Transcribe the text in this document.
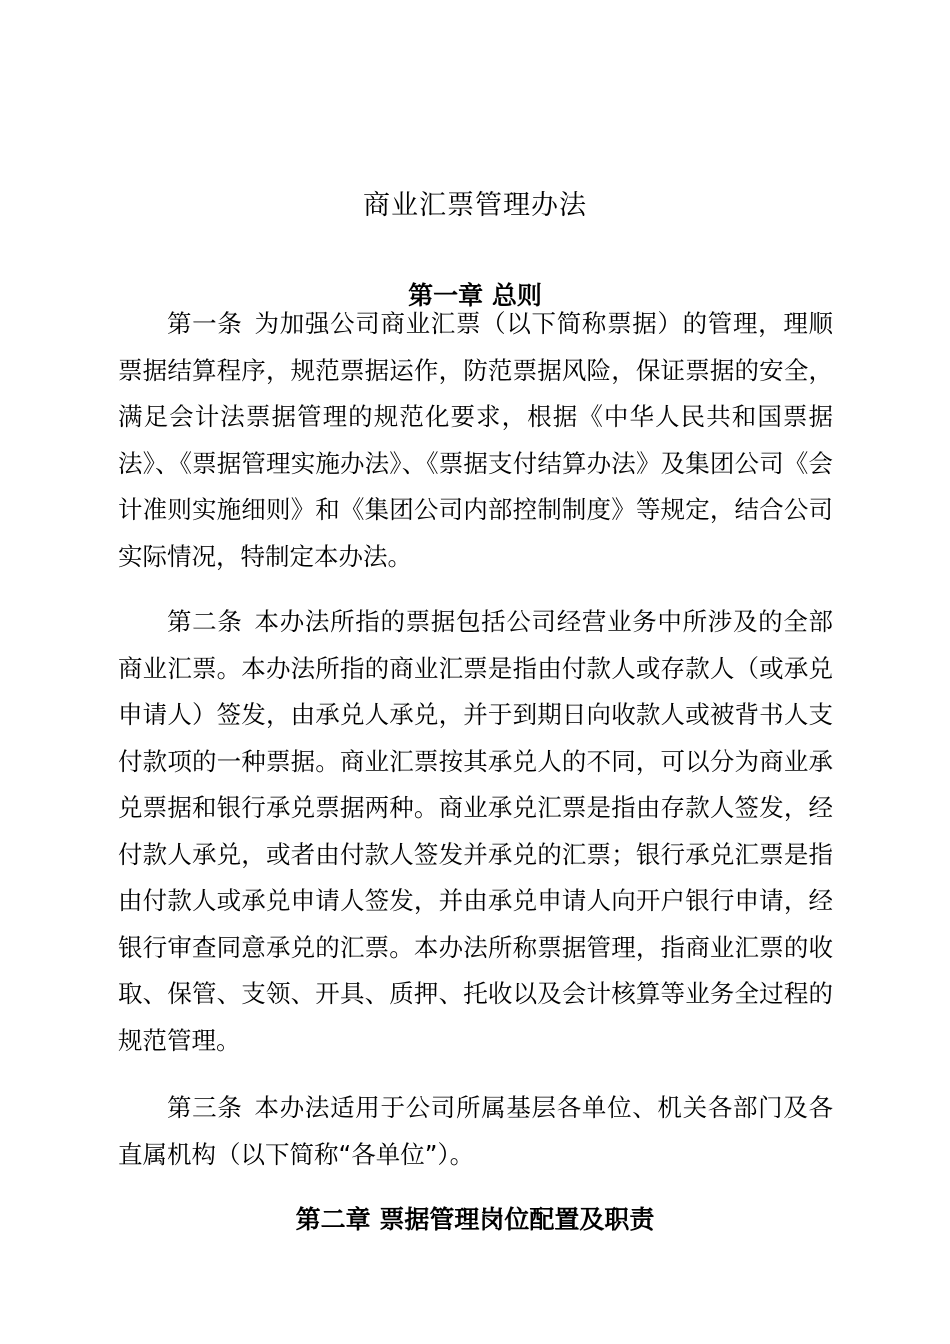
商业汇票管理办法
第一章 总则

第一条 为加强公司商业汇票（以下简称票据）的管理，理顺票据结算程序，规范票据运作，防范票据风险，保证票据的安全，满足会计法票据管理的规范化要求，根据《中华人民共和国票据法》、《票据管理实施办法》、《票据支付结算办法》及集团公司《会计准则实施细则》和《集团公司内部控制制度》等规定，结合公司实际情况，特制定本办法。

第二条 本办法所指的票据包括公司经营业务中所涉及的全部商业汇票。本办法所指的商业汇票是指由付款人或存款人（或承兑申请人）签发，由承兑人承兑，并于到期日向收款人或被背书人支付款项的一种票据。商业汇票按其承兑人的不同，可以分为商业承兑票据和银行承兑票据两种。商业承兑汇票是指由存款人签发，经付款人承兑，或者由付款人签发并承兑的汇票；银行承兑汇票是指由付款人或承兑申请人签发，并由承兑申请人向开户银行申请，经银行审查同意承兑的汇票。本办法所称票据管理，指商业汇票的收取、保管、支领、开具、质押、托收以及会计核算等业务全过程的规范管理。

第三条 本办法适用于公司所属基层各单位、机关各部门及各直属机构（以下简称“各单位”）。

第二章 票据管理岗位配置及职责
